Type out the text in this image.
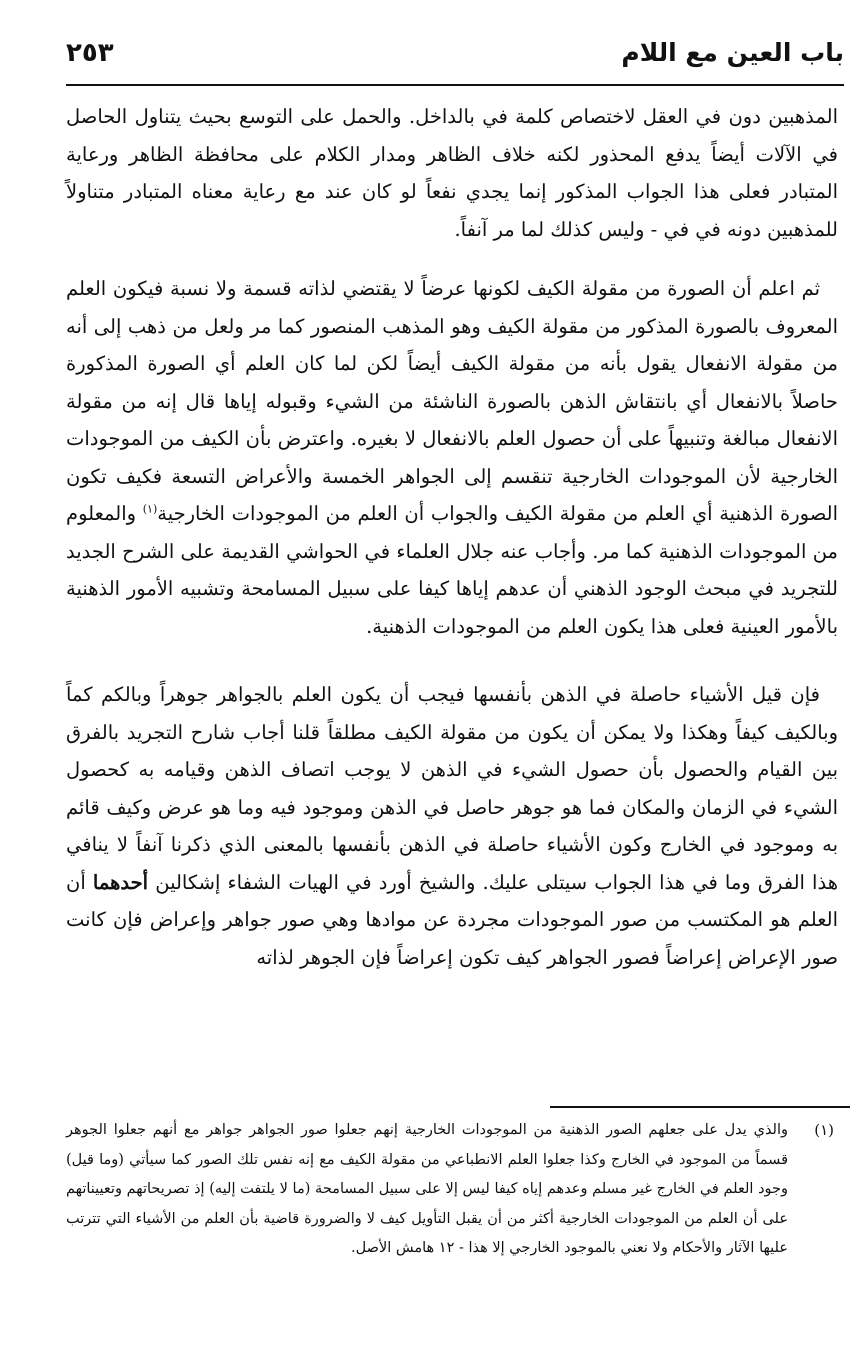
باب العين مع اللام
٢٥٣

المذهبين دون في العقل لاختصاص كلمة في بالداخل. والحمل على التوسع بحيث يتناول الحاصل في الآلات أيضاً يدفع المحذور لكنه خلاف الظاهر ومدار الكلام على محافظة الظاهر ورعاية المتبادر فعلى هذا الجواب المذكور إنما يجدي نفعاً لو كان عند مع رعاية معناه المتبادر متناولاً للمذهبين دونه في في - وليس كذلك لما مر آنفاً.

ثم اعلم أن الصورة من مقولة الكيف لكونها عرضاً لا يقتضي لذاته قسمة ولا نسبة فيكون العلم المعروف بالصورة المذكور من مقولة الكيف وهو المذهب المنصور كما مر ولعل من ذهب إلى أنه من مقولة الانفعال يقول بأنه من مقولة الكيف أيضاً لكن لما كان العلم أي الصورة المذكورة حاصلاً بالانفعال أي بانتقاش الذهن بالصورة الناشئة من الشيء وقبوله إياها قال إنه من مقولة الانفعال مبالغة وتنبيهاً على أن حصول العلم بالانفعال لا بغيره. واعترض بأن الكيف من الموجودات الخارجية لأن الموجودات الخارجية تنقسم إلى الجواهر الخمسة والأعراض التسعة فكيف تكون الصورة الذهنية أي العلم من مقولة الكيف والجواب أن العلم من الموجودات الخارجية$^{(١)}$ والمعلوم من الموجودات الذهنية كما مر. وأجاب عنه جلال العلماء في الحواشي القديمة على الشرح الجديد للتجريد في مبحث الوجود الذهني أن عدهم إياها كيفا على سبيل المسامحة وتشبيه الأمور الذهنية بالأمور العينية فعلى هذا يكون العلم من الموجودات الذهنية.

فإن قيل الأشياء حاصلة في الذهن بأنفسها فيجب أن يكون العلم بالجواهر جوهراً وبالكم كماً وبالكيف كيفاً وهكذا ولا يمكن أن يكون من مقولة الكيف مطلقاً قلنا أجاب شارح التجريد بالفرق بين القيام والحصول بأن حصول الشيء في الذهن لا يوجب اتصاف الذهن وقيامه به كحصول الشيء في الزمان والمكان فما هو جوهر حاصل في الذهن وموجود فيه وما هو عرض وكيف قائم به وموجود في الخارج وكون الأشياء حاصلة في الذهن بأنفسها بالمعنى الذي ذكرنا آنفاً لا ينافي هذا الفرق وما في هذا الجواب سيتلى عليك. والشيخ أورد في الهيات الشفاء إشكالين أحدهما أن العلم هو المكتسب من صور الموجودات مجردة عن موادها وهي صور جواهر وإعراض فإن كانت صور الإعراض إعراضاً فصور الجواهر كيف تكون إعراضاً فإن الجوهر لذاته

(١)
والذي يدل على جعلهم الصور الذهنية من الموجودات الخارجية إنهم جعلوا صور الجواهر جواهر مع أنهم جعلوا الجوهر قسماً من الموجود في الخارج وكذا جعلوا العلم الانطباعي من مقولة الكيف مع إنه نفس تلك الصور كما سيأتي (وما قيل) وجود العلم في الخارج غير مسلم وعدهم إياه كيفا ليس إلا على سبيل المسامحة (ما لا يلتفت إليه) إذ تصريحاتهم وتعييناتهم على أن العلم من الموجودات الخارجية أكثر من أن يقبل التأويل كيف لا والضرورة قاضية بأن العلم من الأشياء التي تترتب عليها الآثار والأحكام ولا نعني بالموجود الخارجي إلا هذا - ١٢ هامش الأصل.
